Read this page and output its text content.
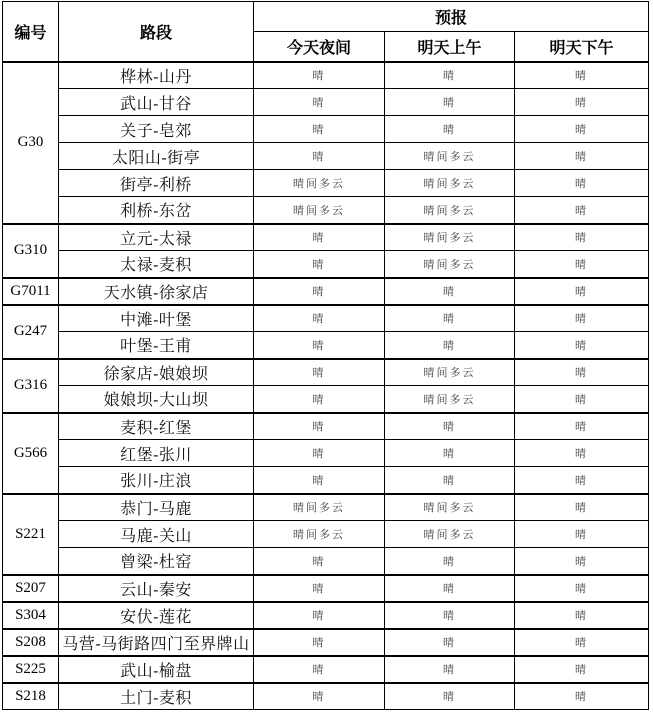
编号	路段	预报		
		今天夜间	明天上午	明天下午
G30	桦林-山丹	晴	晴	晴
	武山-甘谷	晴	晴	晴
	关子-皂郊	晴	晴	晴
	太阳山-街亭	晴	晴间多云	晴
	街亭-利桥	晴间多云	晴间多云	晴
	利桥-东岔	晴间多云	晴间多云	晴
G310	立元-太禄	晴	晴间多云	晴
	太禄-麦积	晴	晴间多云	晴
G7011	天水镇-徐家店	晴	晴	晴
G247	中滩-叶堡	晴	晴	晴
	叶堡-王甫	晴	晴	晴
G316	徐家店-娘娘坝	晴	晴间多云	晴
	娘娘坝-大山坝	晴	晴间多云	晴
G566	麦积-红堡	晴	晴	晴
	红堡-张川	晴	晴	晴
	张川-庄浪	晴	晴	晴
S221	恭门-马鹿	晴间多云	晴间多云	晴
	马鹿-关山	晴间多云	晴间多云	晴
	曾梁-杜窑	晴	晴	晴
S207	云山-秦安	晴	晴	晴
S304	安伏-莲花	晴	晴	晴
S208	马营-马街路四门至界牌山	晴	晴	晴
S225	武山-榆盘	晴	晴	晴
S218	土门-麦积	晴	晴	晴
